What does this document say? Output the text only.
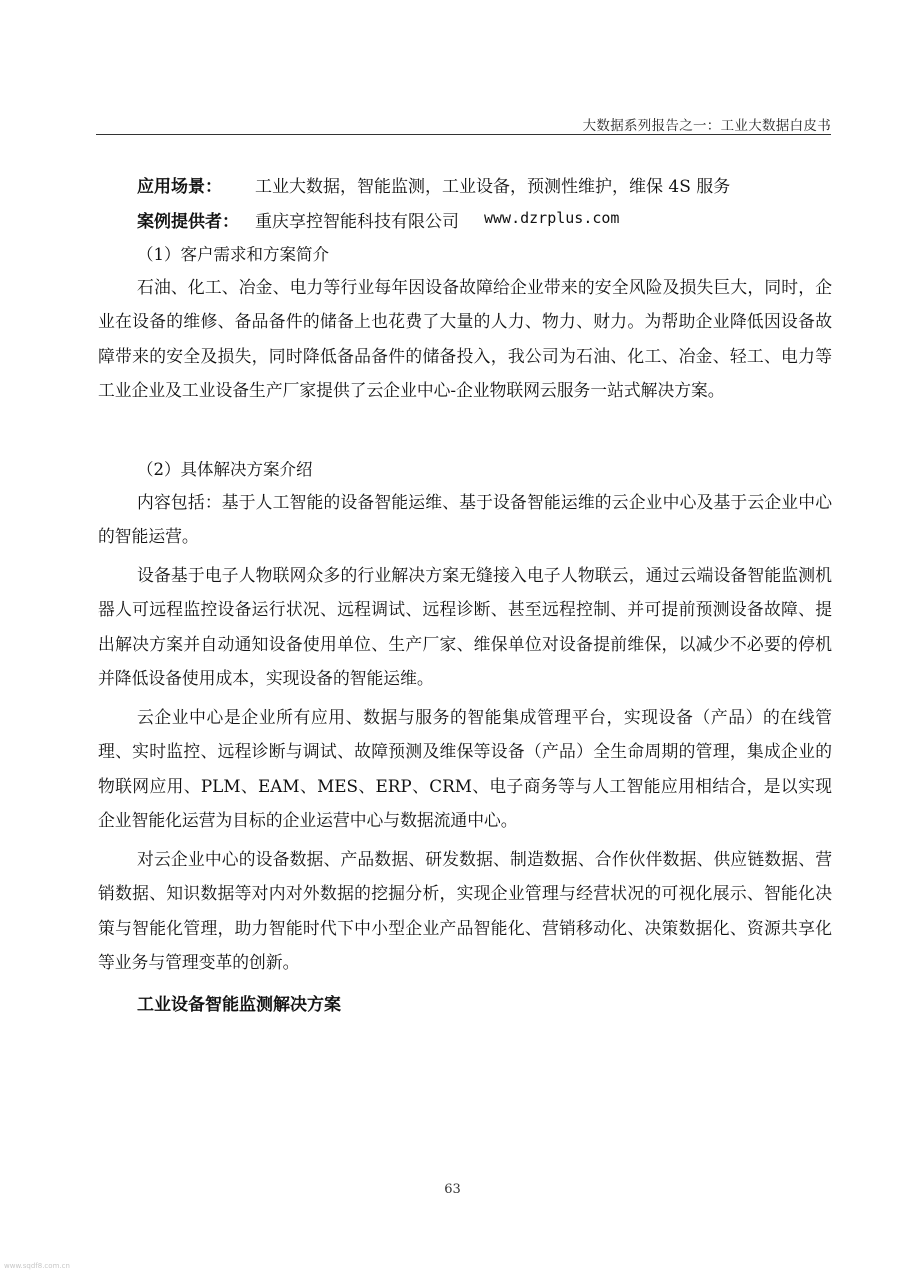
大数据系列报告之一：工业大数据白皮书
应用场景： 工业大数据，智能监测，工业设备，预测性维护，维保 4S 服务
案例提供者： 重庆享控智能科技有限公司 www.dzrplus.com
（1）客户需求和方案简介

石油、化工、冶金、电力等行业每年因设备故障给企业带来的安全风险及损失巨大，同时，企业在设备的维修、备品备件的储备上也花费了大量的人力、物力、财力。为帮助企业降低因设备故障带来的安全及损失，同时降低备品备件的储备投入，我公司为石油、化工、冶金、轻工、电力等工业企业及工业设备生产厂家提供了云企业中心-企业物联网云服务一站式解决方案。

（2）具体解决方案介绍

内容包括：基于人工智能的设备智能运维、基于设备智能运维的云企业中心及基于云企业中心的智能运营。

设备基于电子人物联网众多的行业解决方案无缝接入电子人物联云，通过云端设备智能监测机器人可远程监控设备运行状况、远程调试、远程诊断、甚至远程控制、并可提前预测设备故障、提出解决方案并自动通知设备使用单位、生产厂家、维保单位对设备提前维保，以减少不必要的停机并降低设备使用成本，实现设备的智能运维。

云企业中心是企业所有应用、数据与服务的智能集成管理平台，实现设备（产品）的在线管理、实时监控、远程诊断与调试、故障预测及维保等设备（产品）全生命周期的管理，集成企业的物联网应用、PLM、EAM、MES、ERP、CRM、电子商务等与人工智能应用相结合，是以实现企业智能化运营为目标的企业运营中心与数据流通中心。

对云企业中心的设备数据、产品数据、研发数据、制造数据、合作伙伴数据、供应链数据、营销数据、知识数据等对内对外数据的挖掘分析，实现企业管理与经营状况的可视化展示、智能化决策与智能化管理，助力智能时代下中小型企业产品智能化、营销移动化、决策数据化、资源共享化等业务与管理变革的创新。

工业设备智能监测解决方案
63
www.sqdf8.com.cn
